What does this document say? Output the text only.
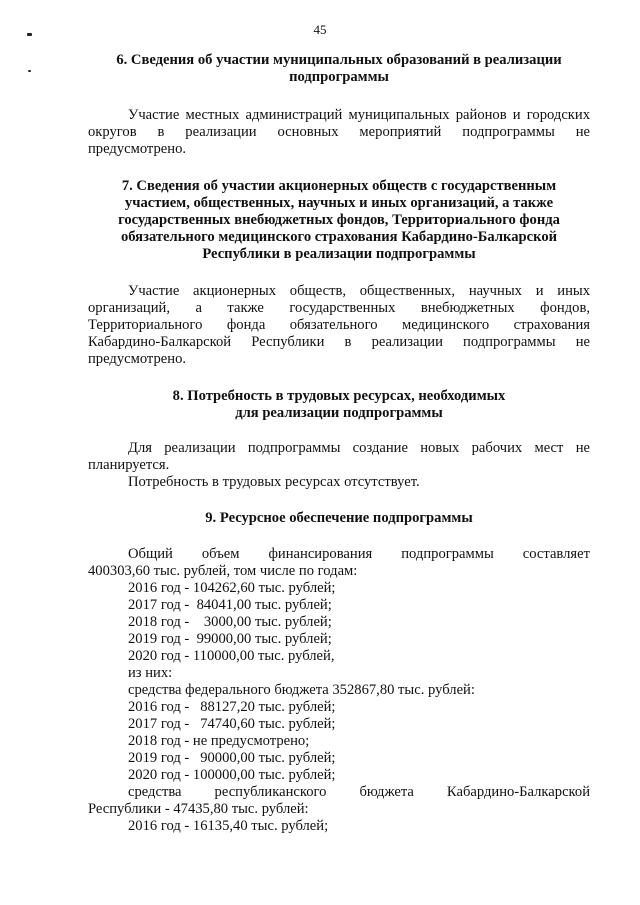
45
6. Сведения об участии муниципальных образований в реализации
подпрограммы
Участие местных администраций муниципальных районов и городских
округов в реализации основных мероприятий подпрограммы не
предусмотрено.
7. Сведения об участии акционерных обществ с государственным
участием, общественных, научных и иных организаций, а также
государственных внебюджетных фондов, Территориального фонда
обязательного медицинского страхования Кабардино-Балкарской
Республики в реализации подпрограммы
Участие акционерных обществ, общественных, научных и иных
организаций, а также государственных внебюджетных фондов,
Территориального фонда обязательного медицинского страхования
Кабардино-Балкарской Республики в реализации подпрограммы не
предусмотрено.
8. Потребность в трудовых ресурсах, необходимых
для реализации подпрограммы
Для реализации подпрограммы создание новых рабочих мест не
планируется.
Потребность в трудовых ресурсах отсутствует.
9. Ресурсное обеспечение подпрограммы
Общий объем финансирования подпрограммы составляет
400303,60 тыс. рублей, том числе по годам:
2016 год - 104262,60 тыс. рублей;
2017 год -  84041,00 тыс. рублей;
2018 год -    3000,00 тыс. рублей;
2019 год -  99000,00 тыс. рублей;
2020 год - 110000,00 тыс. рублей,
из них:
средства федерального бюджета 352867,80 тыс. рублей:
2016 год -   88127,20 тыс. рублей;
2017 год -   74740,60 тыс. рублей;
2018 год - не предусмотрено;
2019 год -   90000,00 тыс. рублей;
2020 год - 100000,00 тыс. рублей;
средства республиканского бюджета Кабардино-Балкарской
Республики - 47435,80 тыс. рублей:
2016 год - 16135,40 тыс. рублей;
